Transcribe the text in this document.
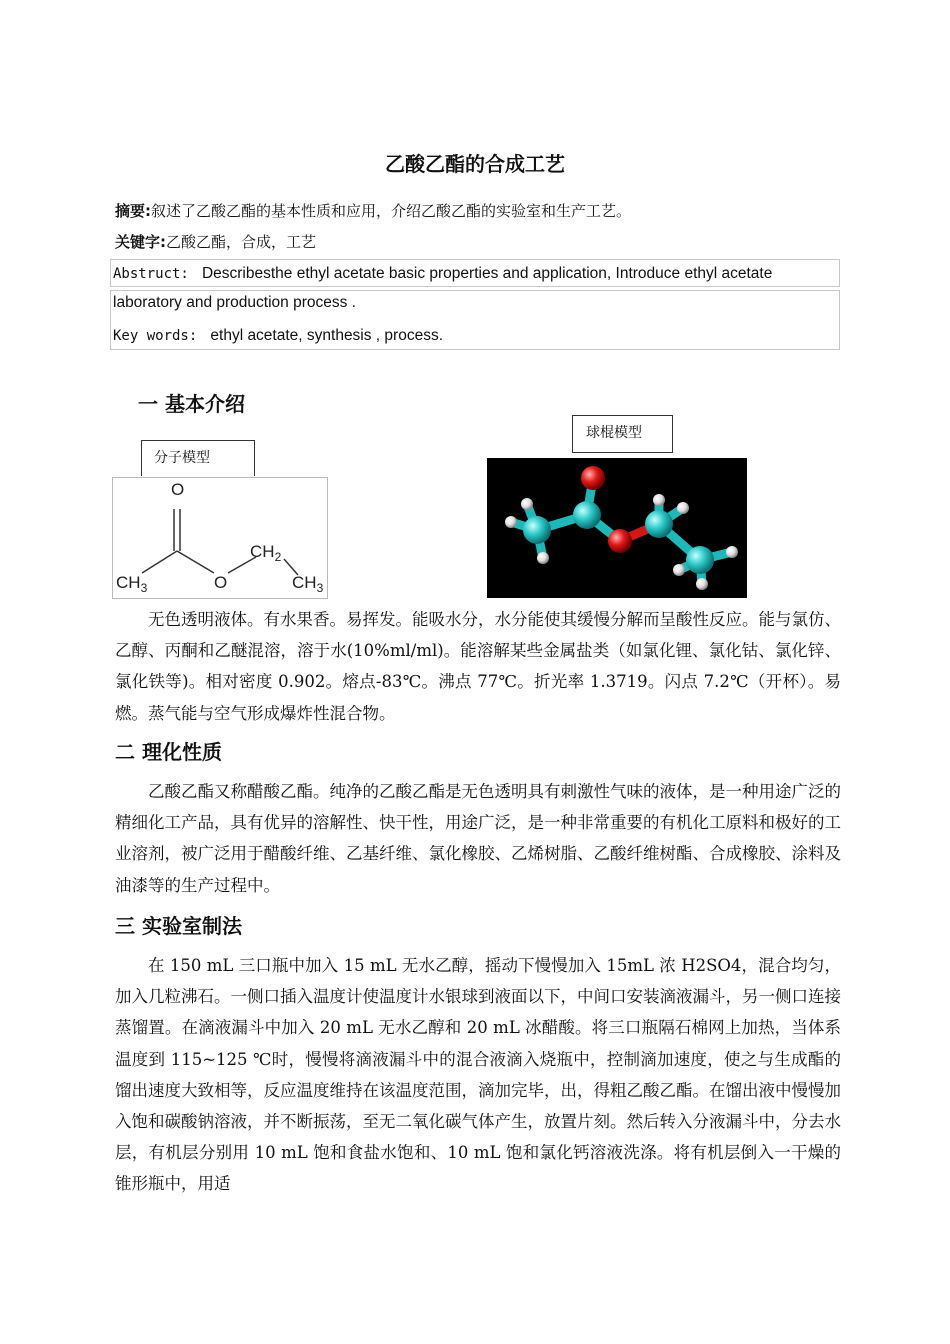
乙酸乙酯的合成工艺
摘要:叙述了乙酸乙酯的基本性质和应用，介绍乙酸乙酯的实验室和生产工艺。
关键字:乙酸乙酯，合成，工艺
Abstruct: Describesthe ethyl acetate basic properties and application, Introduce ethyl acetate
laboratory and production process .
Key words: ethyl acetate, synthesis , process.
一 基本介绍
分子模型
O
O
$CH_3$
$CH_2$
$CH_3$
球棍模型
无色透明液体。有水果香。易挥发。能吸水分，水分能使其缓慢分解而呈酸性反应。能与氯仿、乙醇、丙酮和乙醚混溶，溶于水(10%ml/ml)。能溶解某些金属盐类（如氯化锂、氯化钴、氯化锌、氯化铁等)。相对密度 0.902。熔点-83℃。沸点 77℃。折光率 1.3719。闪点 7.2℃（开杯）。易燃。蒸气能与空气形成爆炸性混合物。
二 理化性质
乙酸乙酯又称醋酸乙酯。纯净的乙酸乙酯是无色透明具有刺激性气味的液体，是一种用途广泛的精细化工产品，具有优异的溶解性、快干性，用途广泛，是一种非常重要的有机化工原料和极好的工业溶剂，被广泛用于醋酸纤维、乙基纤维、氯化橡胶、乙烯树脂、乙酸纤维树酯、合成橡胶、涂料及油漆等的生产过程中。
三 实验室制法
在 150 mL 三口瓶中加入 15 mL 无水乙醇，摇动下慢慢加入 15mL 浓 H2SO4，混合均匀，加入几粒沸石。一侧口插入温度计使温度计水银球到液面以下，中间口安装滴液漏斗，另一侧口连接蒸馏置。在滴液漏斗中加入 20 mL 无水乙醇和 20 mL 冰醋酸。将三口瓶隔石棉网上加热，当体系温度到 115~125 ℃时，慢慢将滴液漏斗中的混合液滴入烧瓶中，控制滴加速度，使之与生成酯的馏出速度大致相等，反应温度维持在该温度范围，滴加完毕，出，得粗乙酸乙酯。在馏出液中慢慢加入饱和碳酸钠溶液，并不断振荡，至无二氧化碳气体产生，放置片刻。然后转入分液漏斗中，分去水层，有机层分别用 10 mL 饱和食盐水饱和、10 mL 饱和氯化钙溶液洗涤。将有机层倒入一干燥的锥形瓶中，用适
